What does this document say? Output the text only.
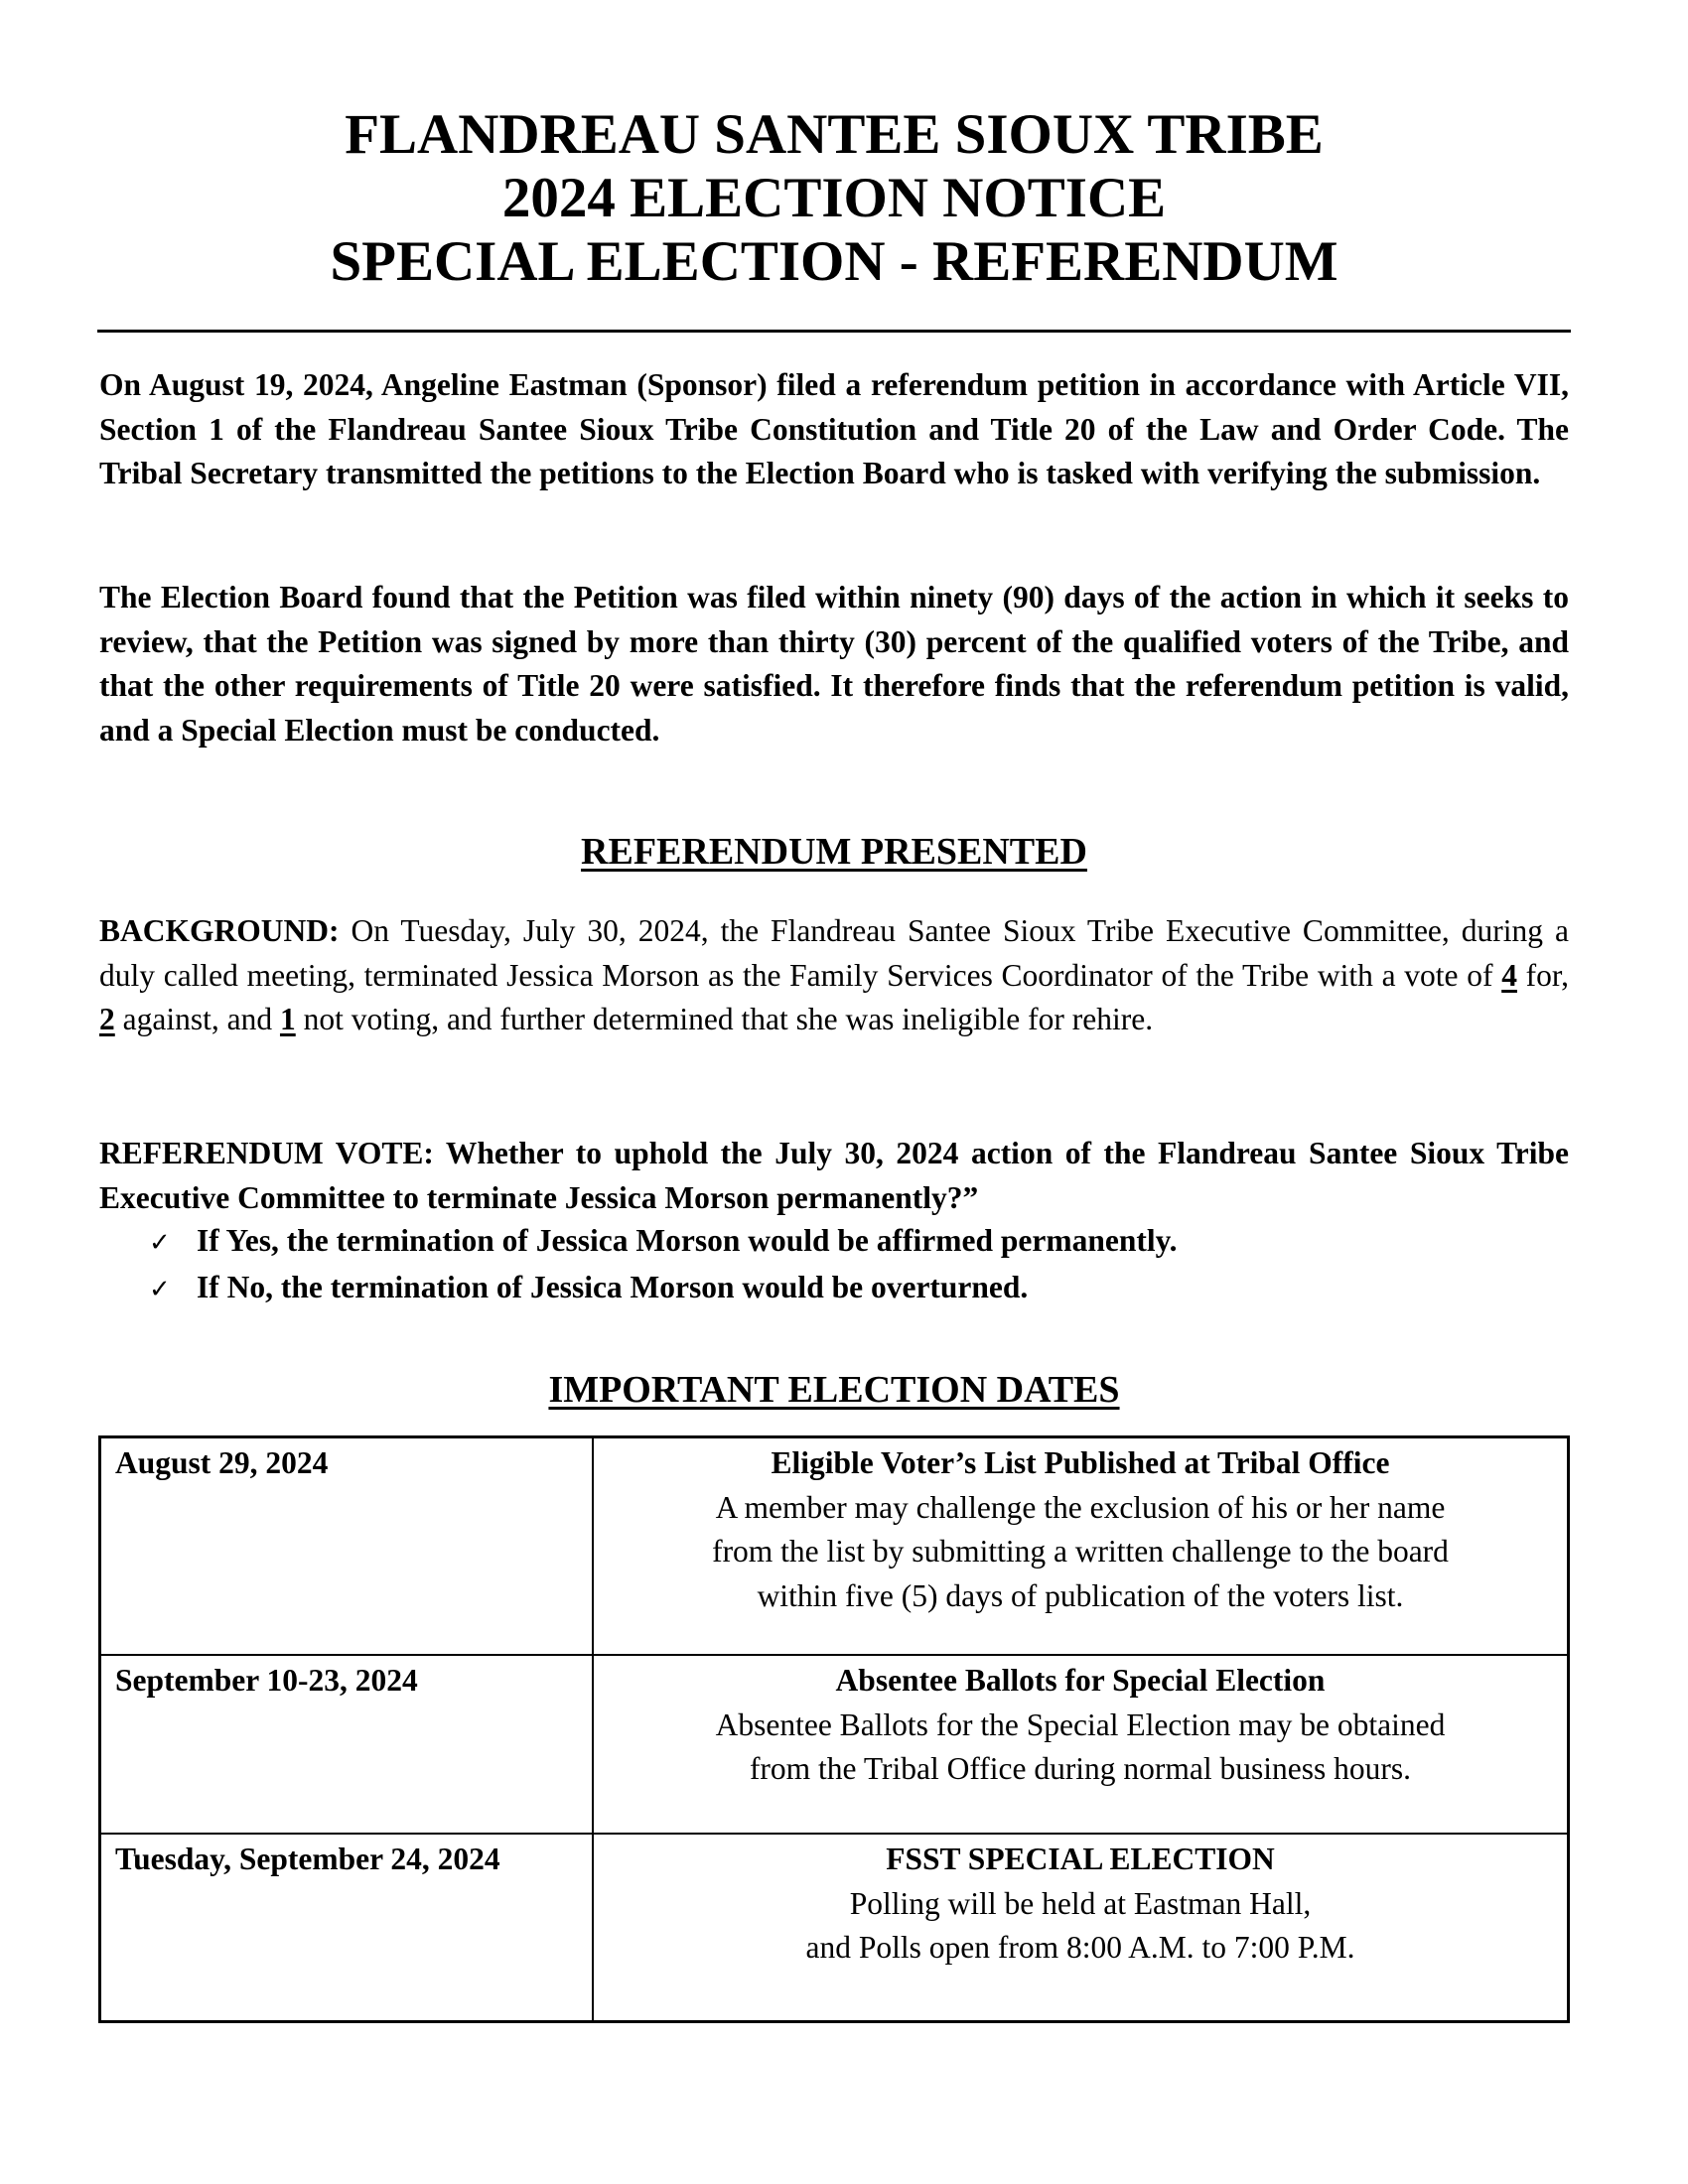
FLANDREAU SANTEE SIOUX TRIBE
2024 ELECTION NOTICE
SPECIAL ELECTION - REFERENDUM
On August 19, 2024, Angeline Eastman (Sponsor) filed a referendum petition in accordance with Article VII, Section 1 of the Flandreau Santee Sioux Tribe Constitution and Title 20 of the Law and Order Code. The Tribal Secretary transmitted the petitions to the Election Board who is tasked with verifying the submission.
The Election Board found that the Petition was filed within ninety (90) days of the action in which it seeks to review, that the Petition was signed by more than thirty (30) percent of the qualified voters of the Tribe, and that the other requirements of Title 20 were satisfied. It therefore finds that the referendum petition is valid, and a Special Election must be conducted.
REFERENDUM PRESENTED
BACKGROUND: On Tuesday, July 30, 2024, the Flandreau Santee Sioux Tribe Executive Committee, during a duly called meeting, terminated Jessica Morson as the Family Services Coordinator of the Tribe with a vote of 4 for, 2 against, and 1 not voting, and further determined that she was ineligible for rehire.
REFERENDUM VOTE: Whether to uphold the July 30, 2024 action of the Flandreau Santee Sioux Tribe Executive Committee to terminate Jessica Morson permanently?”
✓ If Yes, the termination of Jessica Morson would be affirmed permanently.
✓ If No, the termination of Jessica Morson would be overturned.
IMPORTANT ELECTION DATES
August 29, 2024	Eligible Voter’s List Published at Tribal Office
A member may challenge the exclusion of his or her name
from the list by submitting a written challenge to the board
within five (5) days of publication of the voters list.

September 10-23, 2024	Absentee Ballots for Special Election
Absentee Ballots for the Special Election may be obtained
from the Tribal Office during normal business hours.

Tuesday, September 24, 2024	FSST SPECIAL ELECTION
Polling will be held at Eastman Hall,
and Polls open from 8:00 A.M. to 7:00 P.M.
